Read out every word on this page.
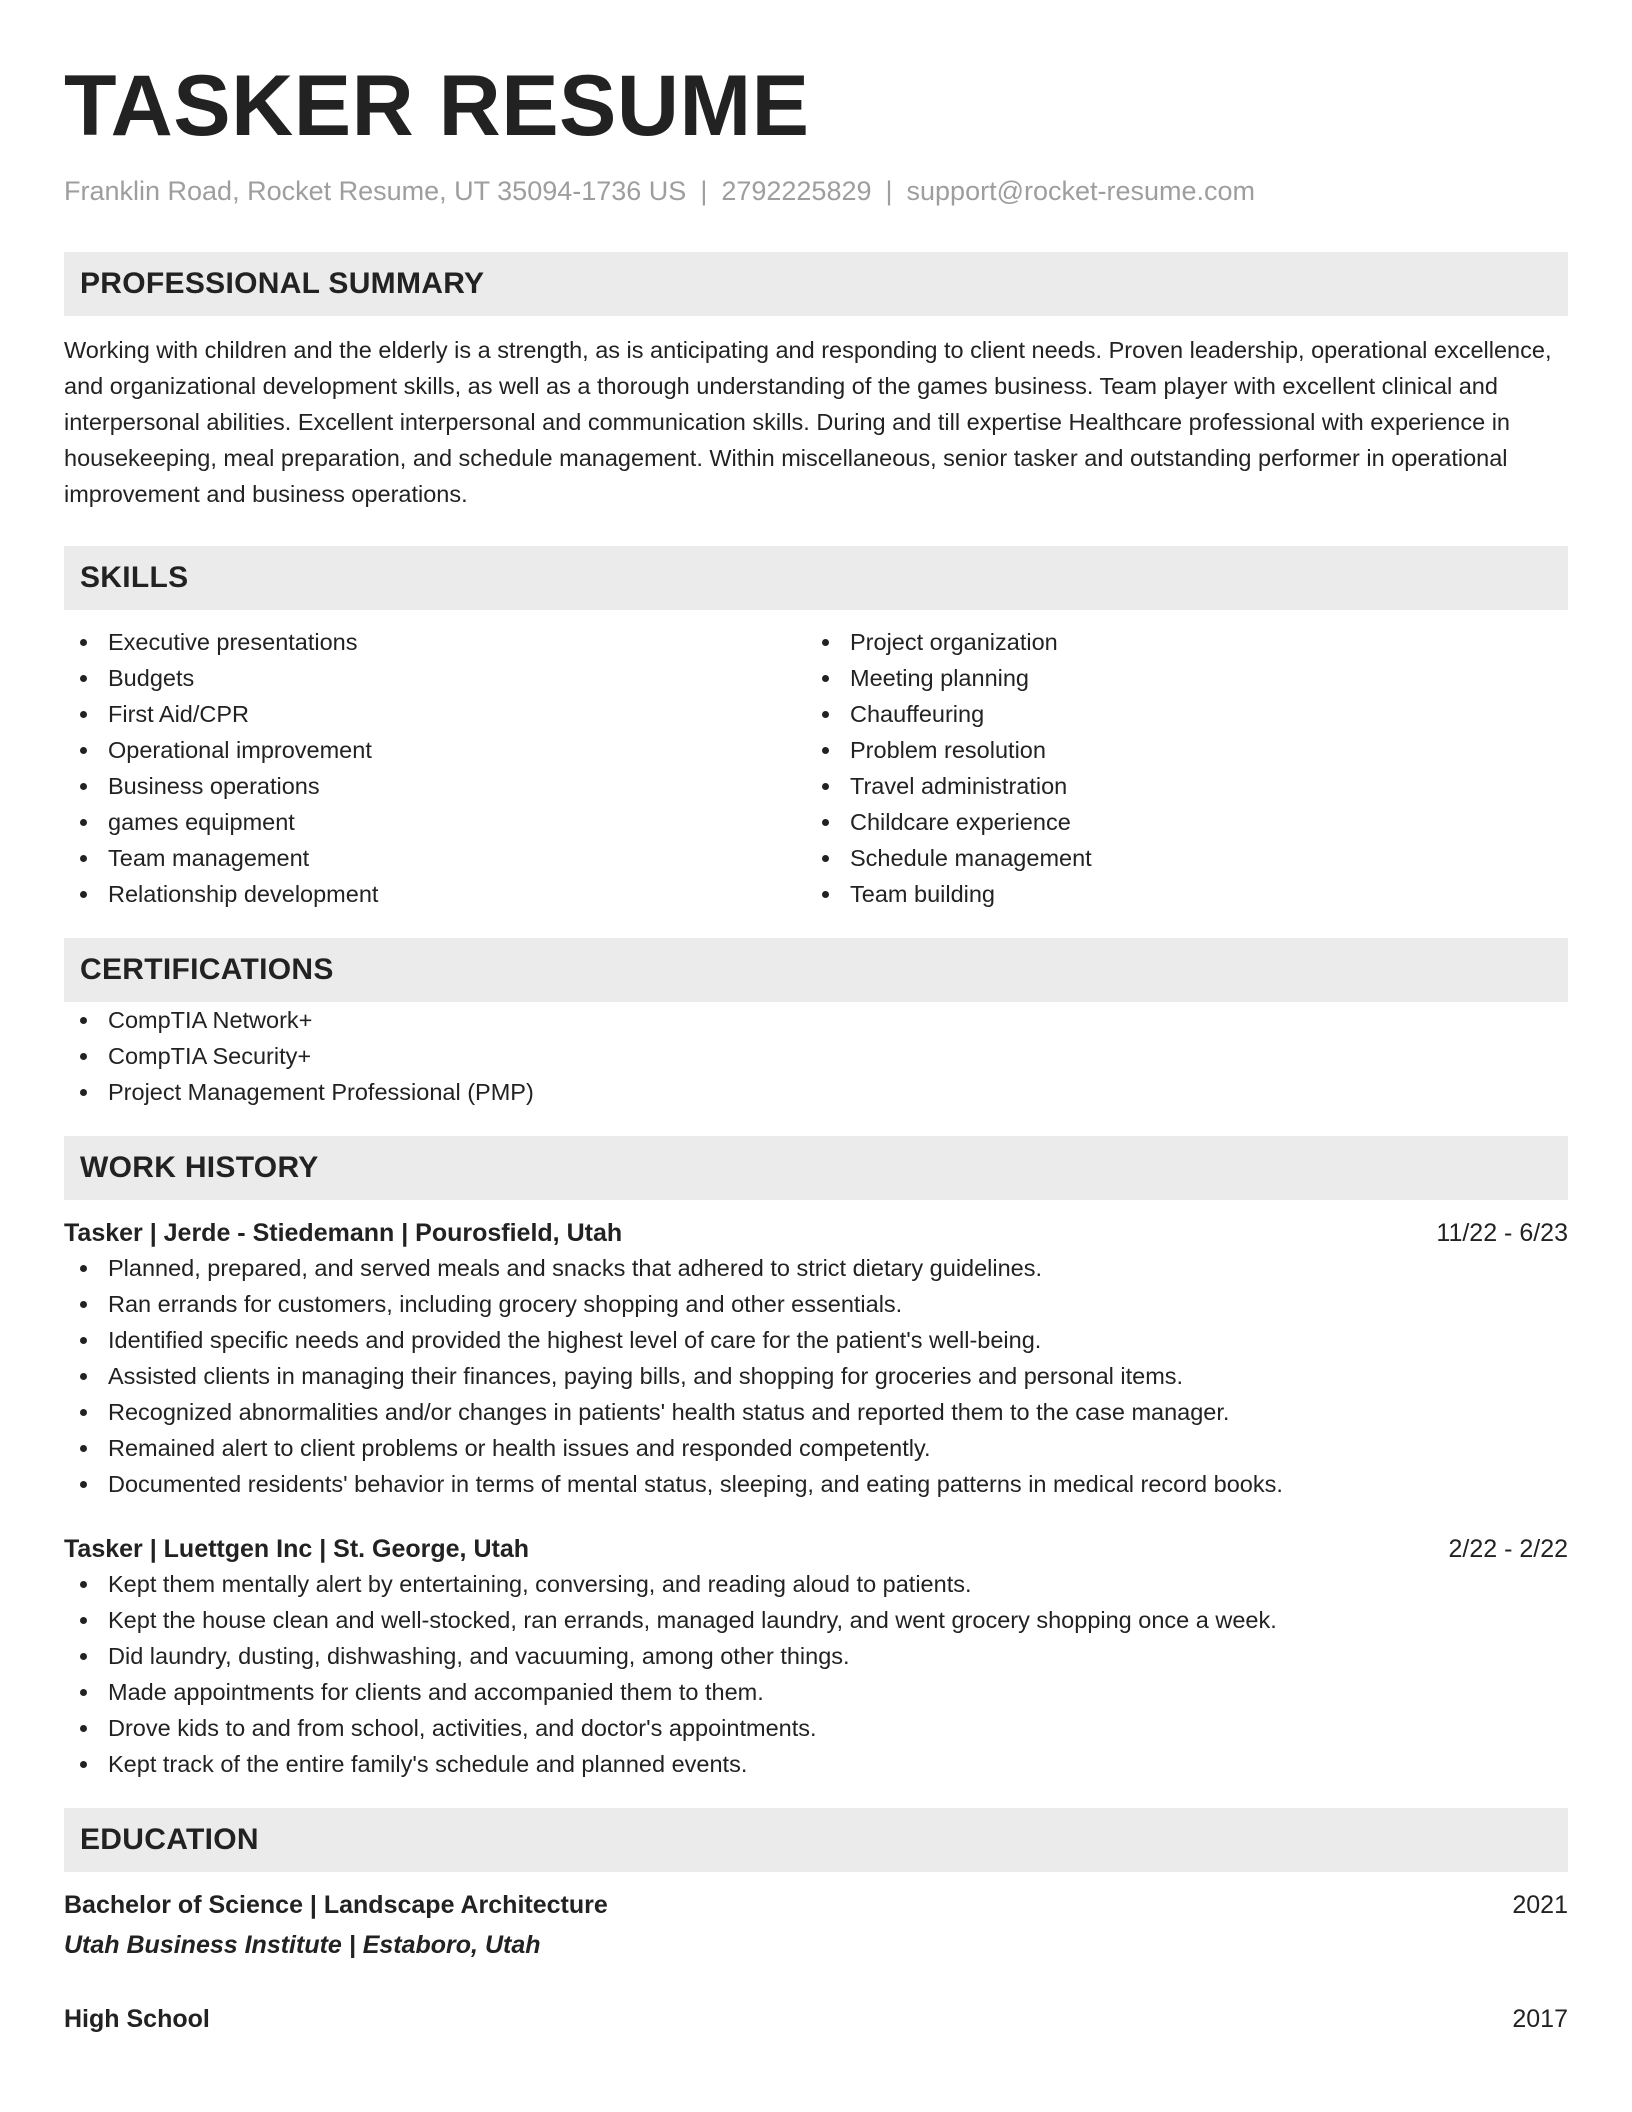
TASKER RESUME
Franklin Road, Rocket Resume, UT 35094-1736 US | 2792225829 | support@rocket-resume.com
PROFESSIONAL SUMMARY
Working with children and the elderly is a strength, as is anticipating and responding to client needs. Proven leadership, operational excellence, and organizational development skills, as well as a thorough understanding of the games business. Team player with excellent clinical and interpersonal abilities. Excellent interpersonal and communication skills. During and till expertise Healthcare professional with experience in housekeeping, meal preparation, and schedule management. Within miscellaneous, senior tasker and outstanding performer in operational improvement and business operations.
SKILLS
Executive presentations
Budgets
First Aid/CPR
Operational improvement
Business operations
games equipment
Team management
Relationship development
Project organization
Meeting planning
Chauffeuring
Problem resolution
Travel administration
Childcare experience
Schedule management
Team building
CERTIFICATIONS
CompTIA Network+
CompTIA Security+
Project Management Professional (PMP)
WORK HISTORY
Tasker | Jerde - Stiedemann | Pourosfield, Utah	11/22 - 6/23
Planned, prepared, and served meals and snacks that adhered to strict dietary guidelines.
Ran errands for customers, including grocery shopping and other essentials.
Identified specific needs and provided the highest level of care for the patient's well-being.
Assisted clients in managing their finances, paying bills, and shopping for groceries and personal items.
Recognized abnormalities and/or changes in patients' health status and reported them to the case manager.
Remained alert to client problems or health issues and responded competently.
Documented residents' behavior in terms of mental status, sleeping, and eating patterns in medical record books.
Tasker | Luettgen Inc | St. George, Utah	2/22 - 2/22
Kept them mentally alert by entertaining, conversing, and reading aloud to patients.
Kept the house clean and well-stocked, ran errands, managed laundry, and went grocery shopping once a week.
Did laundry, dusting, dishwashing, and vacuuming, among other things.
Made appointments for clients and accompanied them to them.
Drove kids to and from school, activities, and doctor's appointments.
Kept track of the entire family's schedule and planned events.
EDUCATION
Bachelor of Science | Landscape Architecture	2021
Utah Business Institute | Estaboro, Utah
High School	2017
